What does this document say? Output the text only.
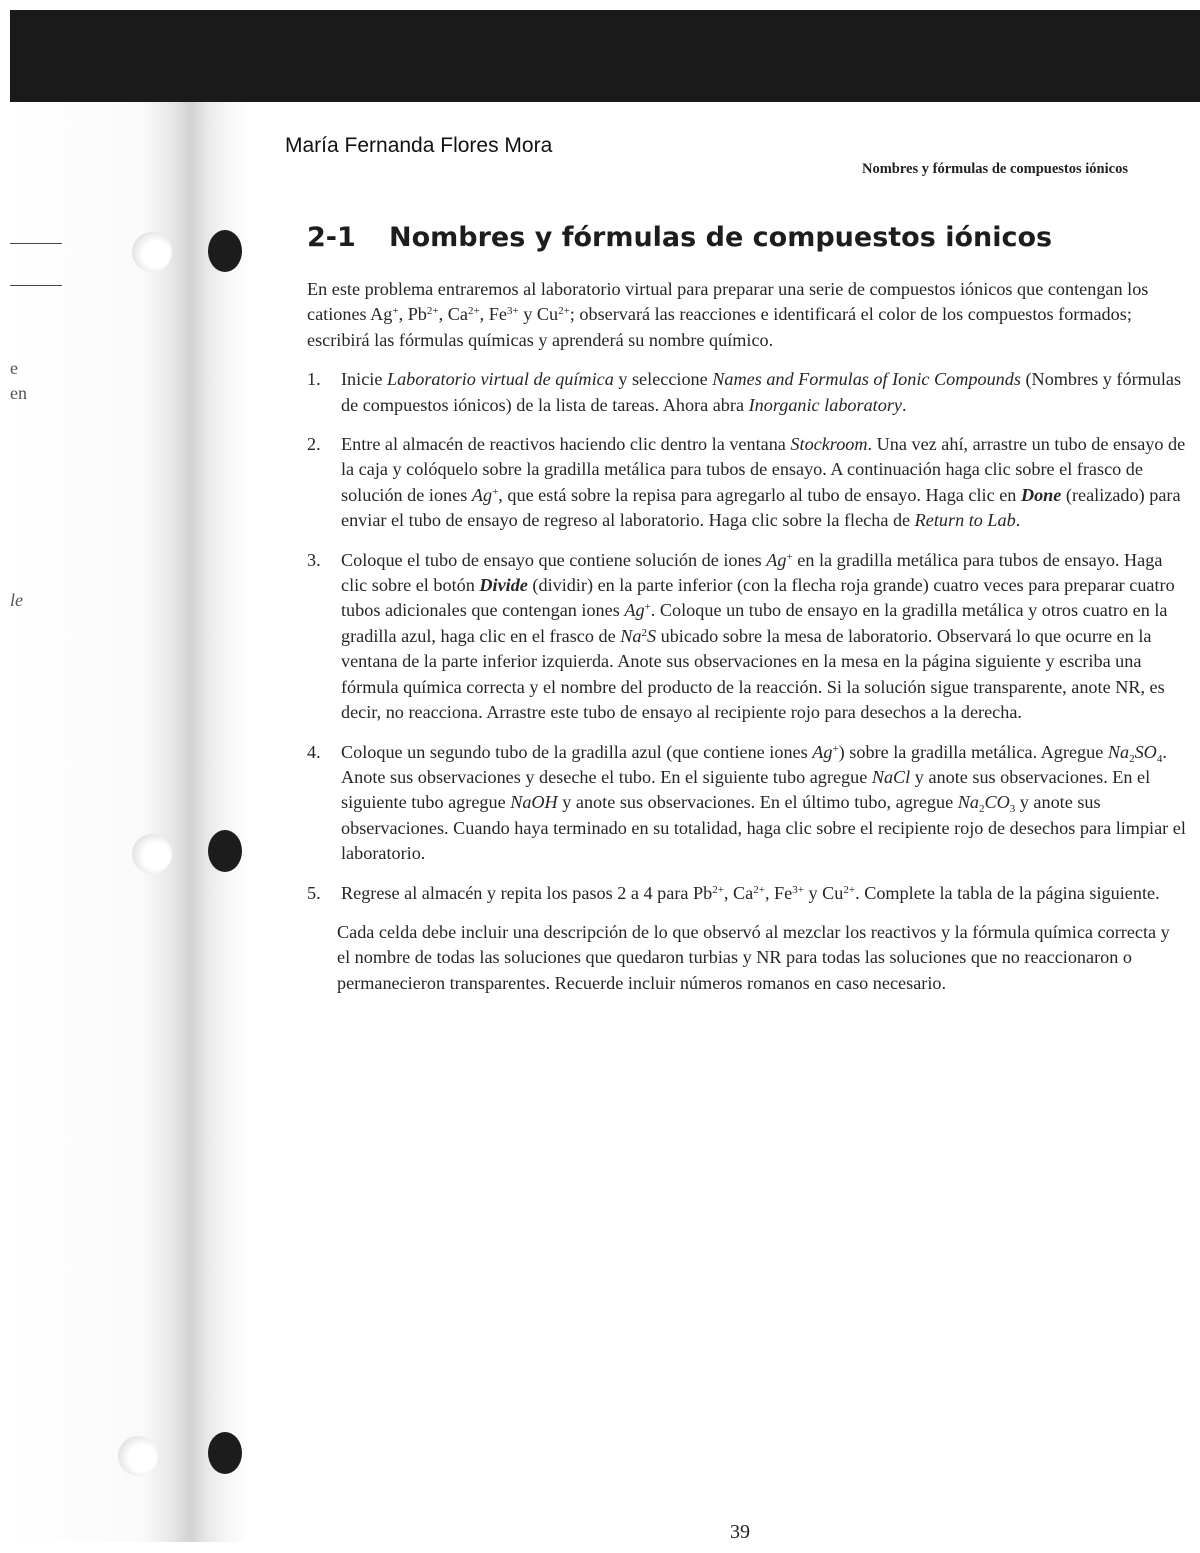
e
en
le
María Fernanda Flores Mora
Nombres y fórmulas de compuestos iónicos
2-1 Nombres y fórmulas de compuestos iónicos

En este problema entraremos al laboratorio virtual para preparar una serie de compuestos iónicos que contengan los cationes Ag+, $Pb^{2+}$, $Ca^{2+}$, $Fe^{3+}$ y $Cu^{2+}$; observará las reacciones e identificará el color de los compuestos formados; escribirá las fórmulas químicas y aprenderá su nombre químico.

1. Inicie Laboratorio virtual de química y seleccione Names and Formulas of Ionic Compounds (Nombres y fórmulas de compuestos iónicos) de la lista de tareas. Ahora abra Inorganic laboratory.
2. Entre al almacén de reactivos haciendo clic dentro la ventana Stockroom. Una vez ahí, arrastre un tubo de ensayo de la caja y colóquelo sobre la gradilla metálica para tubos de ensayo. A continuación haga clic sobre el frasco de solución de iones Ag+, que está sobre la repisa para agregarlo al tubo de ensayo. Haga clic en Done (realizado) para enviar el tubo de ensayo de regreso al laboratorio. Haga clic sobre la flecha de Return to Lab.
3. Coloque el tubo de ensayo que contiene solución de iones Ag+ en la gradilla metálica para tubos de ensayo. Haga clic sobre el botón Divide (dividir) en la parte inferior (con la flecha roja grande) cuatro veces para preparar cuatro tubos adicionales que contengan iones Ag+. Coloque un tubo de ensayo en la gradilla metálica y otros cuatro en la gradilla azul, haga clic en el frasco de Na$^2$S ubicado sobre la mesa de laboratorio. Observará lo que ocurre en la ventana de la parte inferior izquierda. Anote sus observaciones en la mesa en la página siguiente y escriba una fórmula química correcta y el nombre del producto de la reacción. Si la solución sigue transparente, anote NR, es decir, no reacciona. Arrastre este tubo de ensayo al recipiente rojo para desechos a la derecha.
4. Coloque un segundo tubo de la gradilla azul (que contiene iones Ag+) sobre la gradilla metálica. Agregue $Na_2SO_4$. Anote sus observaciones y deseche el tubo. En el siguiente tubo agregue NaCl y anote sus observaciones. En el siguiente tubo agregue NaOH y anote sus observaciones. En el último tubo, agregue $Na_2CO_3$ y anote sus observaciones. Cuando haya terminado en su totalidad, haga clic sobre el recipiente rojo de desechos para limpiar el laboratorio.
5. Regrese al almacén y repita los pasos 2 a 4 para $Pb^{2+}$, $Ca^{2+}$, $Fe^{3+}$ y $Cu^{2+}$. Complete la tabla de la página siguiente.

Cada celda debe incluir una descripción de lo que observó al mezclar los reactivos y la fórmula química correcta y el nombre de todas las soluciones que quedaron turbias y NR para todas las soluciones que no reaccionaron o permanecieron transparentes. Recuerde incluir números romanos en caso necesario.

39
